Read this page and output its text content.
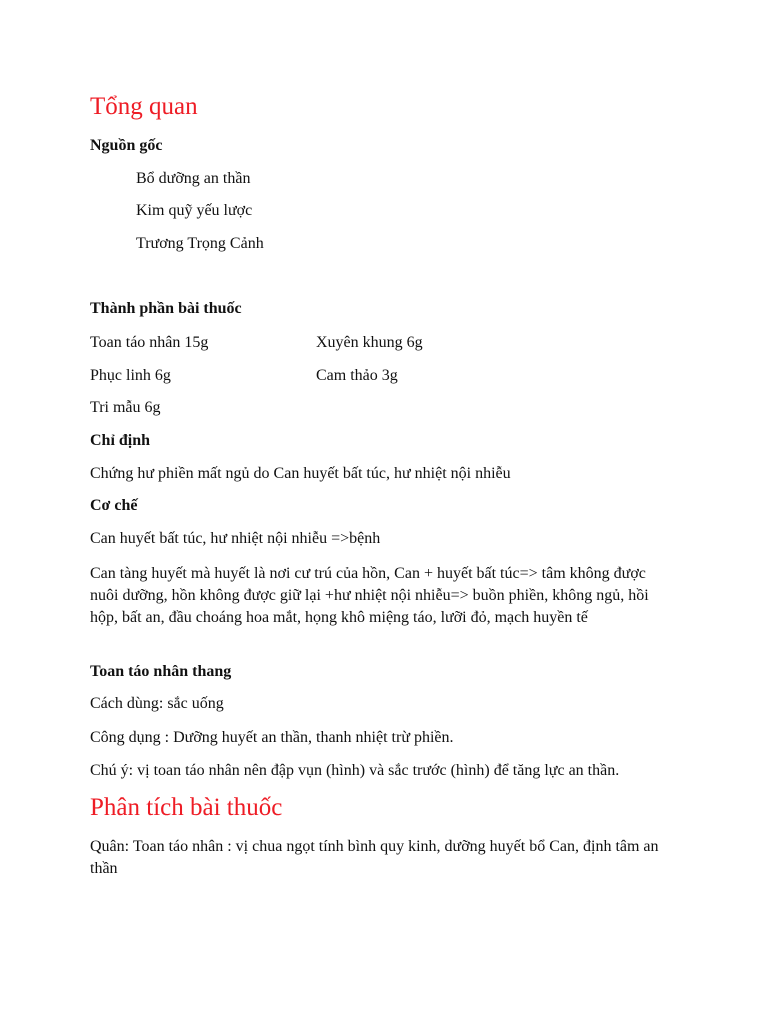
Tổng quan
Nguồn gốc
Bổ dưỡng an thần
Kim quỹ yếu lược
Trương Trọng Cảnh
Thành phần bài thuốc
Toan táo nhân 15g	Xuyên khung 6g
Phục linh 6g	Cam thảo 3g
Tri mẫu 6g
Chỉ định
Chứng hư phiền mất ngủ do Can huyết bất túc, hư nhiệt nội nhiễu
Cơ chế
Can huyết bất túc, hư nhiệt nội nhiễu =>bệnh
Can tàng huyết mà huyết là nơi cư trú của hồn, Can + huyết bất túc=> tâm không được nuôi dưỡng, hồn không được giữ lại +hư nhiệt nội nhiễu=> buồn phiền, không ngủ, hồi hộp, bất an, đầu choáng hoa mắt, họng khô miệng táo, lưỡi đỏ, mạch huyền tế
Toan táo nhân thang
Cách dùng: sắc uống
Công dụng : Dưỡng huyết an thần, thanh nhiệt trừ phiền.
Chú ý: vị toan táo nhân nên đập vụn (hình) và sắc trước (hình) để tăng lực an thần.
Phân tích bài thuốc
Quân: Toan táo nhân : vị chua ngọt tính bình quy kinh, dưỡng huyết bổ Can, định tâm an thần
